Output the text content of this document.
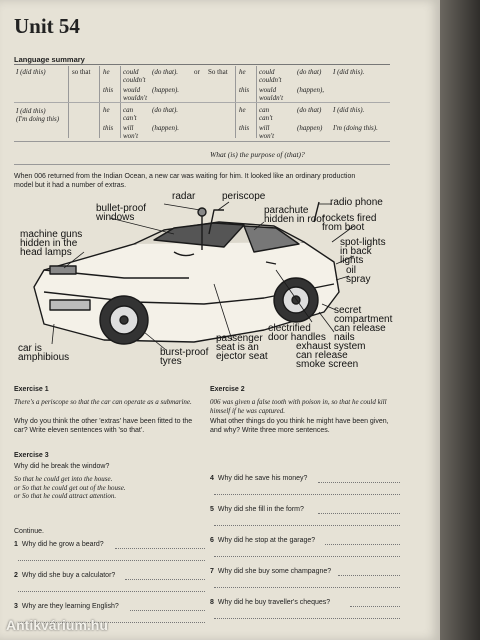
Unit 54
Language summary
I (did this)
I (did this)
(I'm doing this)
so that he could
couldn't
(do that).
this would
wouldn't
(happen).
he can
can't
(do that).
this will
won't
(happen).
or So that he could
couldn't
(do that) I (did this).
this would
wouldn't
(happen),
he can
can't
(do that) I (did this).
this will
won't
(happen) I'm (doing this).
What (is) the purpose of (that)?
When 006 returned from the Indian Ocean, a new car was waiting for him. It looked like an ordinary production model but it had a number of extras.
radar	periscope
radio phone
bullet-proof
windows
parachute
hidden in roof
rockets fired
from boot
machine guns
hidden in the
head lamps
spot-lights
in back
lights
oil
spray
secret
compartment
can release
nails
electrified
door handles
exhaust system
can release
smoke screen
passenger
seat is an
ejector seat
burst-proof
tyres
car is
amphibious
Exercise 1
There's a periscope so that the car can operate as a submarine.
Why do you think the other 'extras' have been fitted to the car? Write eleven sentences with 'so that'.
Exercise 2
006 was given a false tooth with poison in, so that he could kill himself if he was captured.
What other things do you think he might have been given, and why? Write three more sentences.
Exercise 3
Why did he break the window?
So that he could get into the house.
or So that he could get out of the house.
or So that he could attract attention.
Continue.
1 Why did he grow a beard?
2 Why did she buy a calculator?
3 Why are they learning English?
4 Why did he save his money?
5 Why did she fill in the form?
6 Why did he stop at the garage?
7 Why did she buy some champagne?
8 Why did he buy traveller's cheques?
Antikvárium.hu
